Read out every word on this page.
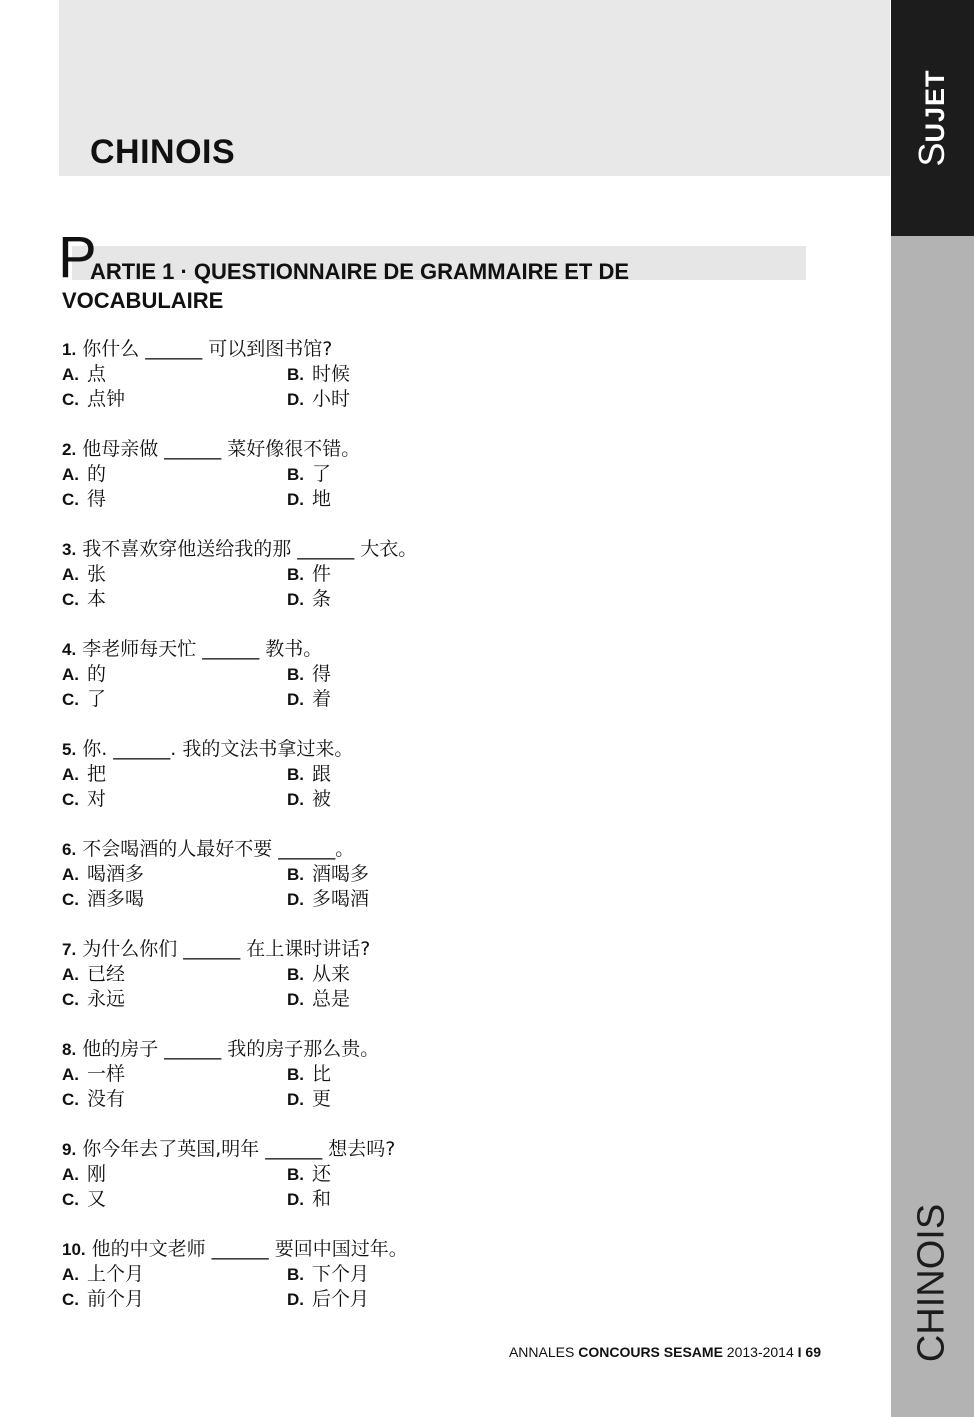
CHINOIS	SUJET
CHINOIS
P
ARTIE 1 · QUESTIONNAIRE DE GRAMMAIRE ET DE
VOCABULAIRE
1. 你什么 ______ 可以到图书馆?
A. 点	B. 时候
C. 点钟	D. 小时
2. 他母亲做 ______ 菜好像很不错。
A. 的	B. 了
C. 得	D. 地
3. 我不喜欢穿他送给我的那 ______ 大衣。
A. 张	B. 件
C. 本	D. 条
4. 李老师每天忙 ______ 教书。
A. 的	B. 得
C. 了	D. 着
5. 你. ______. 我的文法书拿过来。
A. 把	B. 跟
C. 对	D. 被
6. 不会喝酒的人最好不要 ______。
A. 喝酒多	B. 酒喝多
C. 酒多喝	D. 多喝酒
7. 为什么你们 ______ 在上课时讲话?
A. 已经	B. 从来
C. 永远	D. 总是
8. 他的房子 ______ 我的房子那么贵。
A. 一样	B. 比
C. 没有	D. 更
9. 你今年去了英国,明年 ______ 想去吗?
A. 刚	B. 还
C. 又	D. 和
10. 他的中文老师 ______ 要回中国过年。
A. 上个月	B. 下个月
C. 前个月	D. 后个月
ANNALES CONCOURS SESAME 2013-2014 I 69
